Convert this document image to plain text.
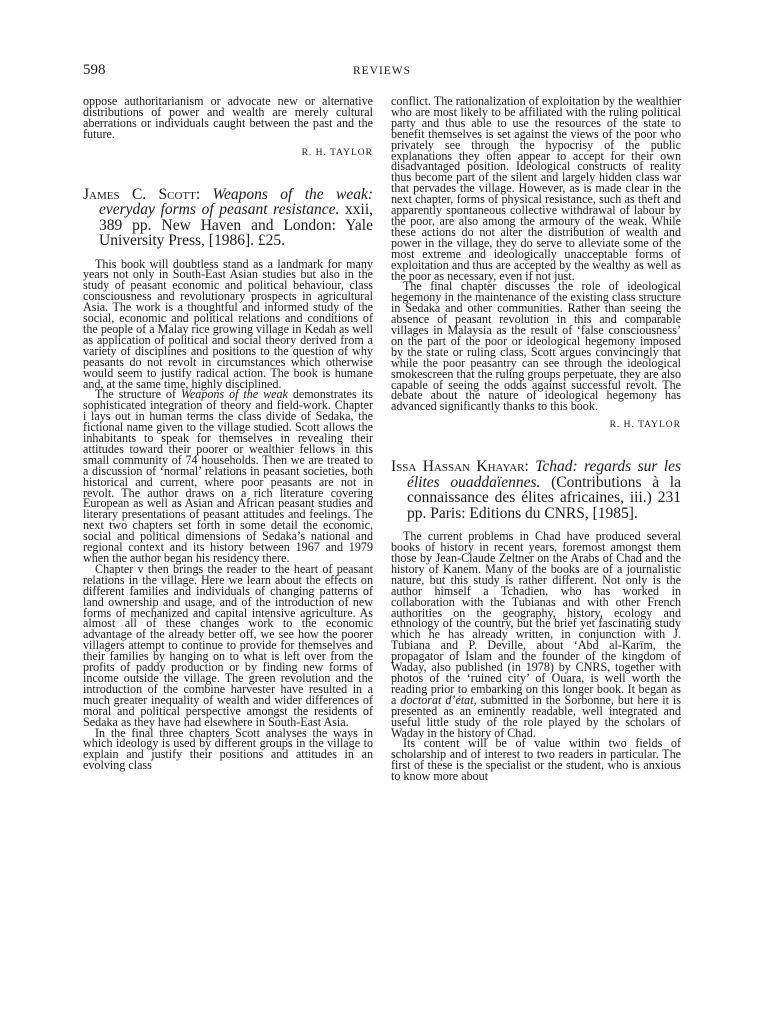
598	REVIEWS

oppose authoritarianism or advocate new or alternative distributions of power and wealth are merely cultural aberrations or individuals caught between the past and the future.

R. H. TAYLOR
James C. Scott: Weapons of the weak: everyday forms of peasant resistance. xxii, 389 pp. New Haven and London: Yale University Press, [1986]. £25.

This book will doubtless stand as a landmark for many years not only in South-East Asian studies but also in the study of peasant economic and political behaviour, class consciousness and revolutionary prospects in agricultural Asia. The work is a thoughtful and informed study of the social, economic and political relations and conditions of the people of a Malay rice growing village in Kedah as well as application of political and social theory derived from a variety of disciplines and positions to the question of why peasants do not revolt in circumstances which otherwise would seem to justify radical action. The book is humane and, at the same time, highly disciplined.

The structure of Weapons of the weak demonstrates its sophisticated integration of theory and field-work. Chapter i lays out in human terms the class divide of Sedaka, the fictional name given to the village studied. Scott allows the inhabitants to speak for themselves in revealing their attitudes toward their poorer or wealthier fellows in this small community of 74 households. Then we are treated to a discussion of ‘normal’ relations in peasant societies, both historical and current, where poor peasants are not in revolt. The author draws on a rich literature covering European as well as Asian and African peasant studies and literary presentations of peasant attitudes and feelings. The next two chapters set forth in some detail the economic, social and political dimensions of Sedaka’s national and regional context and its history between 1967 and 1979 when the author began his residency there.

Chapter v then brings the reader to the heart of peasant relations in the village. Here we learn about the effects on different families and individuals of changing patterns of land ownership and usage, and of the introduction of new forms of mechanized and capital intensive agriculture. As almost all of these changes work to the economic advantage of the already better off, we see how the poorer villagers attempt to continue to provide for themselves and their families by hanging on to what is left over from the profits of paddy production or by finding new forms of income outside the village. The green revolution and the introduction of the combine harvester have resulted in a much greater inequality of wealth and wider differences of moral and political perspective amongst the residents of Sedaka as they have had elsewhere in South-East Asia.

In the final three chapters Scott analyses the ways in which ideology is used by different groups in the village to explain and justify their positions and attitudes in an evolving class

conflict. The rationalization of exploitation by the wealthier who are most likely to be affiliated with the ruling political party and thus able to use the resources of the state to benefit themselves is set against the views of the poor who privately see through the hypocrisy of the public explanations they often appear to accept for their own disadvantaged position. Ideological constructs of reality thus become part of the silent and largely hidden class war that pervades the village. However, as is made clear in the next chapter, forms of physical resistance, such as theft and apparently spontaneous collective withdrawal of labour by the poor, are also among the armoury of the weak. While these actions do not alter the distribution of wealth and power in the village, they do serve to alleviate some of the most extreme and ideologically unacceptable forms of exploitation and thus are accepted by the wealthy as well as the poor as necessary, even if not just.

The final chapter discusses the role of ideological hegemony in the maintenance of the existing class structure in Sedaka and other communities. Rather than seeing the absence of peasant revolution in this and comparable villages in Malaysia as the result of ‘false consciousness’ on the part of the poor or ideological hegemony imposed by the state or ruling class, Scott argues convincingly that while the poor peasantry can see through the ideological smokescreen that the ruling groups perpetuate, they are also capable of seeing the odds against successful revolt. The debate about the nature of ideological hegemony has advanced significantly thanks to this book.

R. H. TAYLOR
Issa Hassan Khayar: Tchad: regards sur les élites ouaddaïennes. (Contributions à la connaissance des élites africaines, iii.) 231 pp. Paris: Editions du CNRS, [1985].

The current problems in Chad have produced several books of history in recent years, foremost amongst them those by Jean-Claude Zeltner on the Arabs of Chad and the history of Kanem. Many of the books are of a journalistic nature, but this study is rather different. Not only is the author himself a Tchadien, who has worked in collaboration with the Tubianas and with other French authorities on the geography, history, ecology and ethnology of the country, but the brief yet fascinating study which he has already written, in conjunction with J. Tubiana and P. Deville, about ‘Abd al-Karīm, the propagator of Islam and the founder of the kingdom of Waday, also published (in 1978) by CNRS, together with photos of the ‘ruined city’ of Ouara, is well worth the reading prior to embarking on this longer book. It began as a doctorat d’état, submitted in the Sorbonne, but here it is presented as an eminently readable, well integrated and useful little study of the role played by the scholars of Waday in the history of Chad.

Its content will be of value within two fields of scholarship and of interest to two readers in particular. The first of these is the specialist or the student, who is anxious to know more about
